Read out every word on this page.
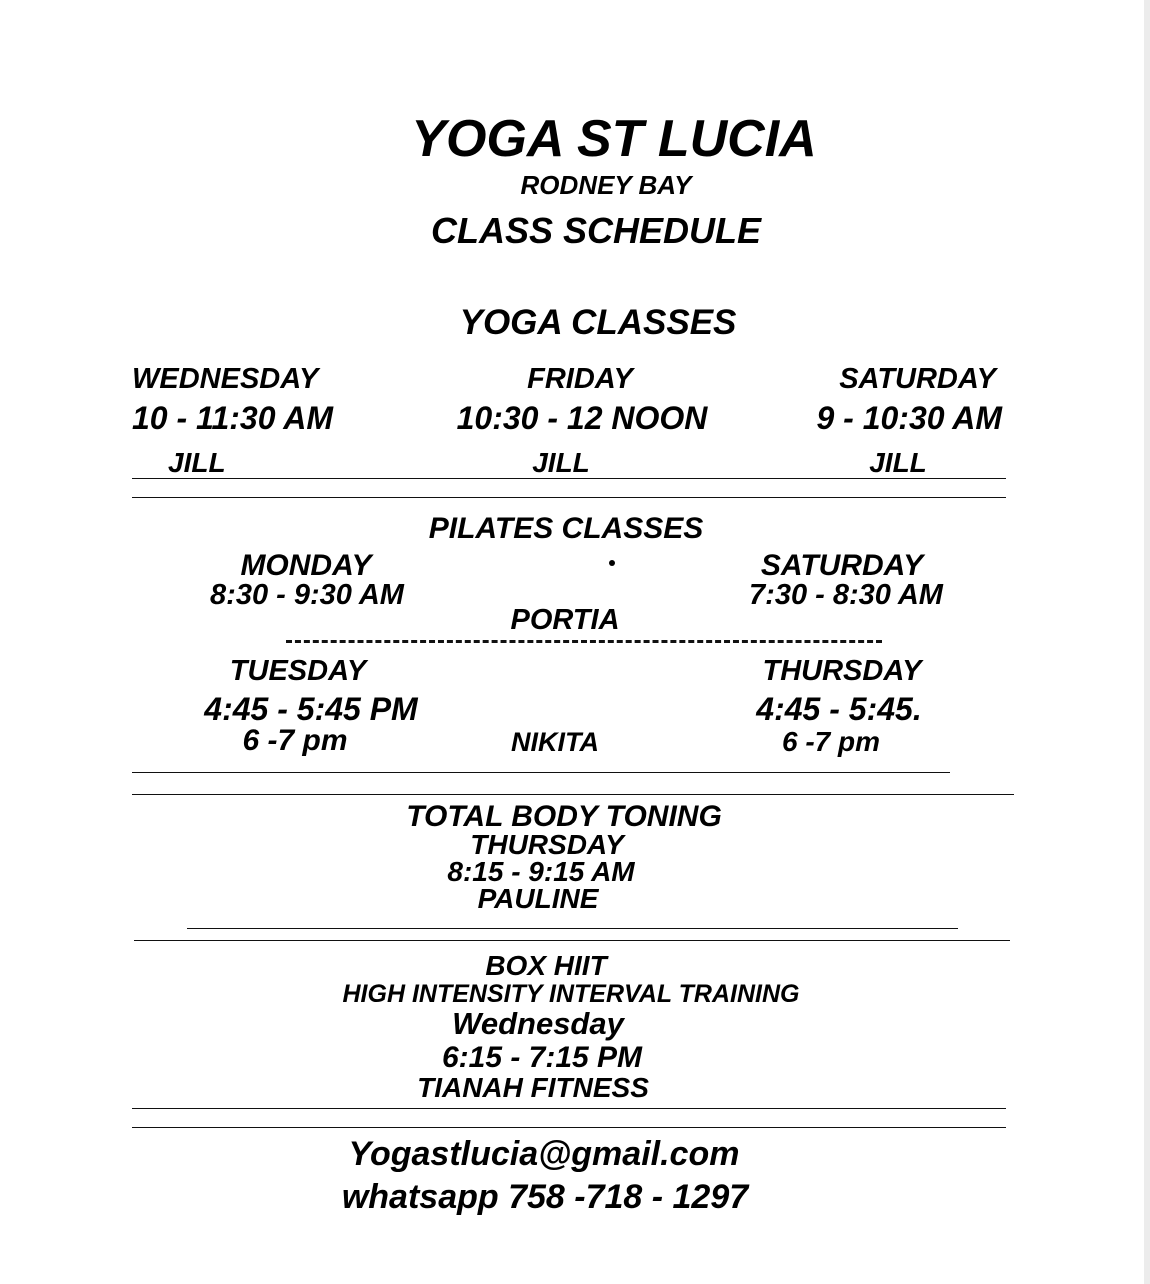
YOGA ST LUCIA
RODNEY BAY
CLASS SCHEDULE
YOGA CLASSES
WEDNESDAY
10 - 11:30 AM
JILL
FRIDAY
10:30 - 12 NOON
JILL
SATURDAY
9 - 10:30 AM
JILL
PILATES CLASSES
MONDAY
8:30 - 9:30 AM
SATURDAY
7:30 - 8:30 AM
PORTIA
TUESDAY
4:45 - 5:45 PM
6 -7 pm
THURSDAY
4:45 - 5:45.
6 -7 pm
NIKITA
TOTAL BODY TONING
THURSDAY
8:15 - 9:15 AM
PAULINE
BOX HIIT
HIGH INTENSITY INTERVAL TRAINING
Wednesday
6:15 - 7:15 PM
TIANAH FITNESS
Yogastlucia@gmail.com
whatsapp 758 -718 - 1297
